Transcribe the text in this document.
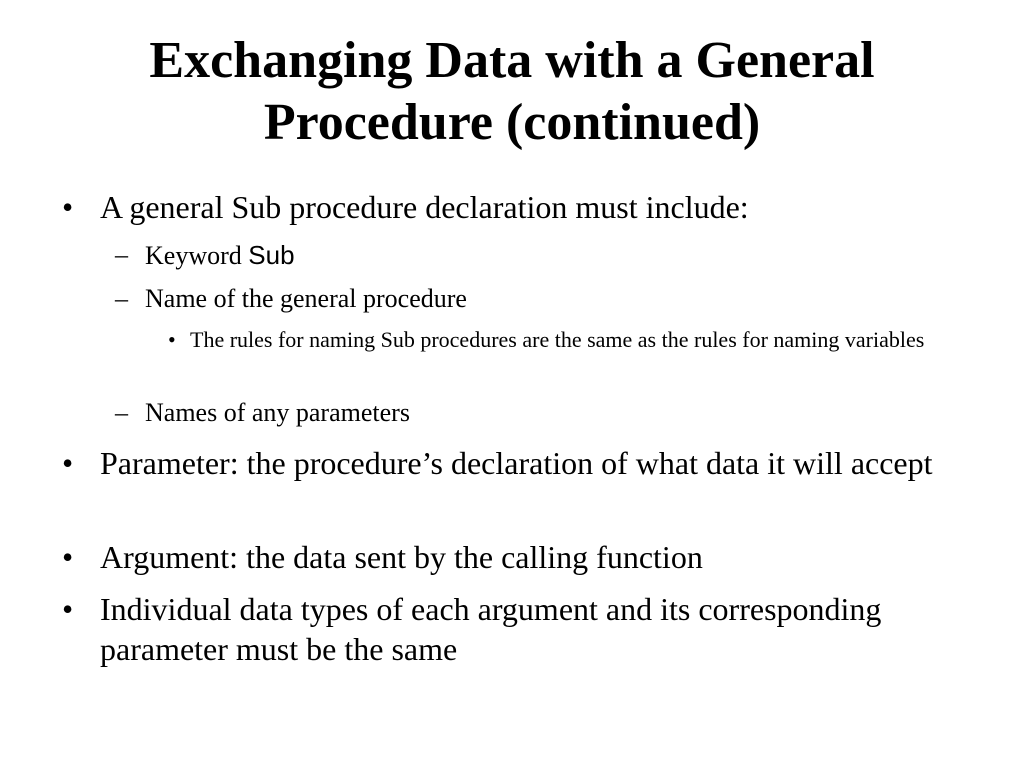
Exchanging Data with a General
Procedure (continued)
• A general Sub procedure declaration must include:
– Keyword Sub
– Name of the general procedure
• The rules for naming Sub procedures are the same as the rules for naming variables
– Names of any parameters
• Parameter: the procedure’s declaration of what data it will accept
• Argument: the data sent by the calling function
• Individual data types of each argument and its corresponding parameter must be the same
